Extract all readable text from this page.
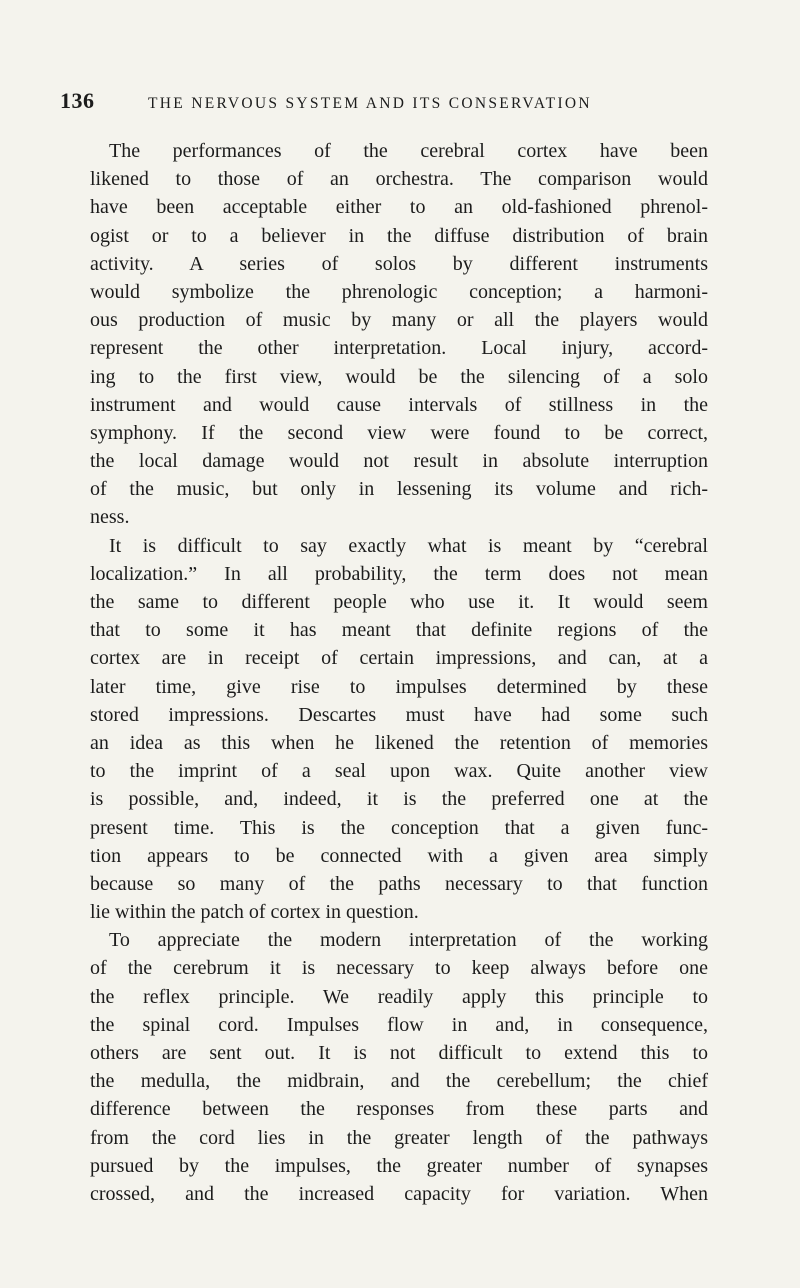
136	THE NERVOUS SYSTEM AND ITS CONSERVATION
The performances of the cerebral cortex have been
likened to those of an orchestra. The comparison would
have been acceptable either to an old-fashioned phrenol-
ogist or to a believer in the diffuse distribution of brain
activity. A series of solos by different instruments
would symbolize the phrenologic conception; a harmoni-
ous production of music by many or all the players would
represent the other interpretation. Local injury, accord-
ing to the first view, would be the silencing of a solo
instrument and would cause intervals of stillness in the
symphony. If the second view were found to be correct,
the local damage would not result in absolute interruption
of the music, but only in lessening its volume and rich-
ness.
It is difficult to say exactly what is meant by “cerebral
localization.” In all probability, the term does not mean
the same to different people who use it. It would seem
that to some it has meant that definite regions of the
cortex are in receipt of certain impressions, and can, at a
later time, give rise to impulses determined by these
stored impressions. Descartes must have had some such
an idea as this when he likened the retention of memories
to the imprint of a seal upon wax. Quite another view
is possible, and, indeed, it is the preferred one at the
present time. This is the conception that a given func-
tion appears to be connected with a given area simply
because so many of the paths necessary to that function
lie within the patch of cortex in question.
To appreciate the modern interpretation of the working
of the cerebrum it is necessary to keep always before one
the reflex principle. We readily apply this principle to
the spinal cord. Impulses flow in and, in consequence,
others are sent out. It is not difficult to extend this to
the medulla, the midbrain, and the cerebellum; the chief
difference between the responses from these parts and
from the cord lies in the greater length of the pathways
pursued by the impulses, the greater number of synapses
crossed, and the increased capacity for variation. When
